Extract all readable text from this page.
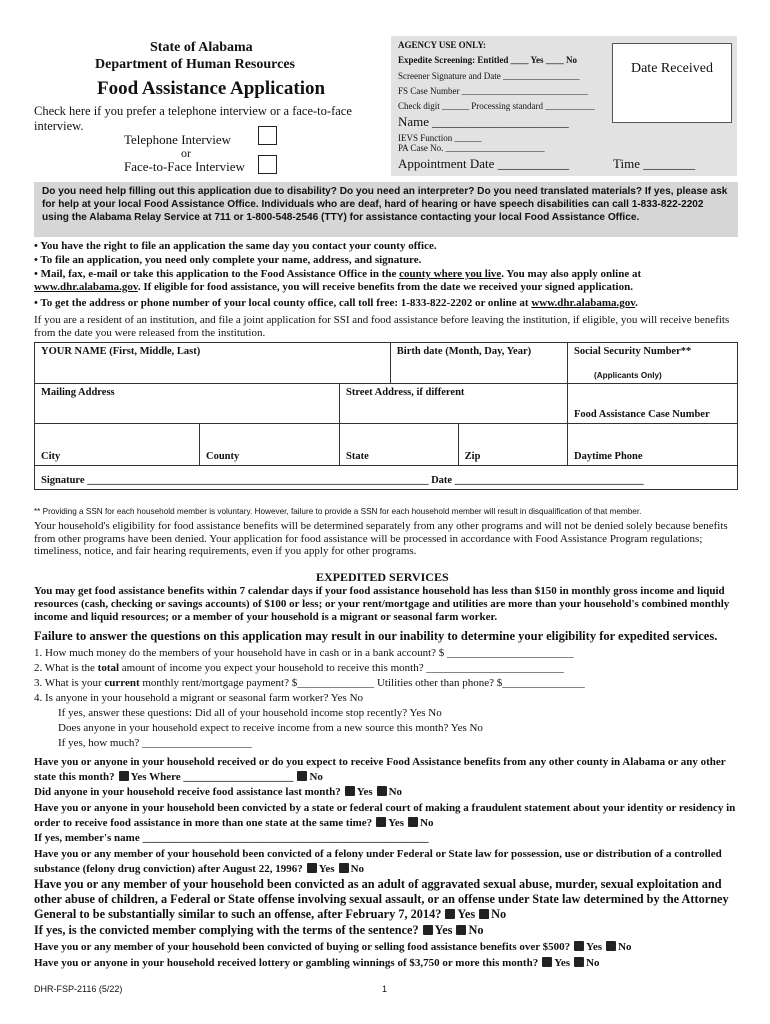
State of Alabama
Department of Human Resources
Food Assistance Application
Check here if you prefer a telephone interview or a face-to-face interview.
Telephone Interview
or
Face-to-Face Interview
AGENCY USE ONLY:
Expedite Screening: Entitled ____ Yes ____ No
Screener Signature and Date _________________
FS Case Number ____________________________
Check digit ______ Processing standard ___________
Name _____________________
IEVS Function ______
PA Case No. ______________________
Appointment Date ___________	Time ________
Date Received
Do you need help filling out this application due to disability? Do you need an interpreter? Do you need translated materials? If yes, please ask for help at your local Food Assistance Office. Individuals who are deaf, hard of hearing or have speech disabilities can call 1-833-822-2202 using the Alabama Relay Service at 711 or 1-800-548-2546 (TTY) for assistance contacting your local Food Assistance Office.
• You have the right to file an application the same day you contact your county office.
• To file an application, you need only complete your name, address, and signature.
• Mail, fax, e-mail or take this application to the Food Assistance Office in the county where you live. You may also apply online at www.dhr.alabama.gov. If eligible for food assistance, you will receive benefits from the date we received your signed application.
• To get the address or phone number of your local county office, call toll free: 1-833-822-2202 or online at www.dhr.alabama.gov.
If you are a resident of an institution, and file a joint application for SSI and food assistance before leaving the institution, if eligible, you will receive benefits from the date you were released from the institution.
YOUR NAME (First, Middle, Last)			Birth date (Month, Day, Year)		Social Security Number**
(Applicants Only)

Mailing Address		Street Address, if different			Food Assistance Case Number
City	County	State		Zip	Daytime Phone
Signature _________________________________________________________________ Date ____________________________________					
** Providing a SSN for each household member is voluntary. However, failure to provide a SSN for each household member will result in disqualification of that member.
Your household's eligibility for food assistance benefits will be determined separately from any other programs and will not be denied solely because benefits from other programs have been denied. Your application for food assistance will be processed in accordance with Food Assistance Program regulations; timeliness, notice, and fair hearing requirements, even if you apply for other programs.
EXPEDITED SERVICES
You may get food assistance benefits within 7 calendar days if your food assistance household has less than $150 in monthly gross income and liquid resources (cash, checking or savings accounts) of $100 or less; or your rent/mortgage and utilities are more than your household's combined monthly income and liquid resources; or a member of your household is a migrant or seasonal farm worker.
Failure to answer the questions on this application may result in our inability to determine your eligibility for expedited services.
1. How much money do the members of your household have in cash or in a bank account? $ _______________________
2. What is the total amount of income you expect your household to receive this month? _________________________
3. What is your current monthly rent/mortgage payment? $______________ Utilities other than phone? $_______________
4. Is anyone in your household a migrant or seasonal farm worker? Yes No
If yes, answer these questions: Did all of your household income stop recently? Yes No
Does anyone in your household expect to receive income from a new source this month? Yes No
If yes, how much? ____________________
Have you or anyone in your household received or do you expect to receive Food Assistance benefits from any other county in Alabama or any other state this month? Yes Where ____________________ No
Did anyone in your household receive food assistance last month? Yes No
Have you or anyone in your household been convicted by a state or federal court of making a fraudulent statement about your identity or residency in order to receive food assistance in more than one state at the same time? Yes No
If yes, member's name ____________________________________________________
Have you or any member of your household been convicted of a felony under Federal or State law for possession, use or distribution of a controlled substance (felony drug conviction) after August 22, 1996? Yes No
Have you or any member of your household been convicted as an adult of aggravated sexual abuse, murder, sexual exploitation and other abuse of children, a Federal or State offense involving sexual assault, or an offense under State law determined by the Attorney General to be substantially similar to such an offense, after February 7, 2014? Yes No
If yes, is the convicted member complying with the terms of the sentence? Yes No
Have you or any member of your household been convicted of buying or selling food assistance benefits over $500? Yes No
Have you or anyone in your household received lottery or gambling winnings of $3,750 or more this month? Yes No
DHR-FSP-2116 (5/22)	1
